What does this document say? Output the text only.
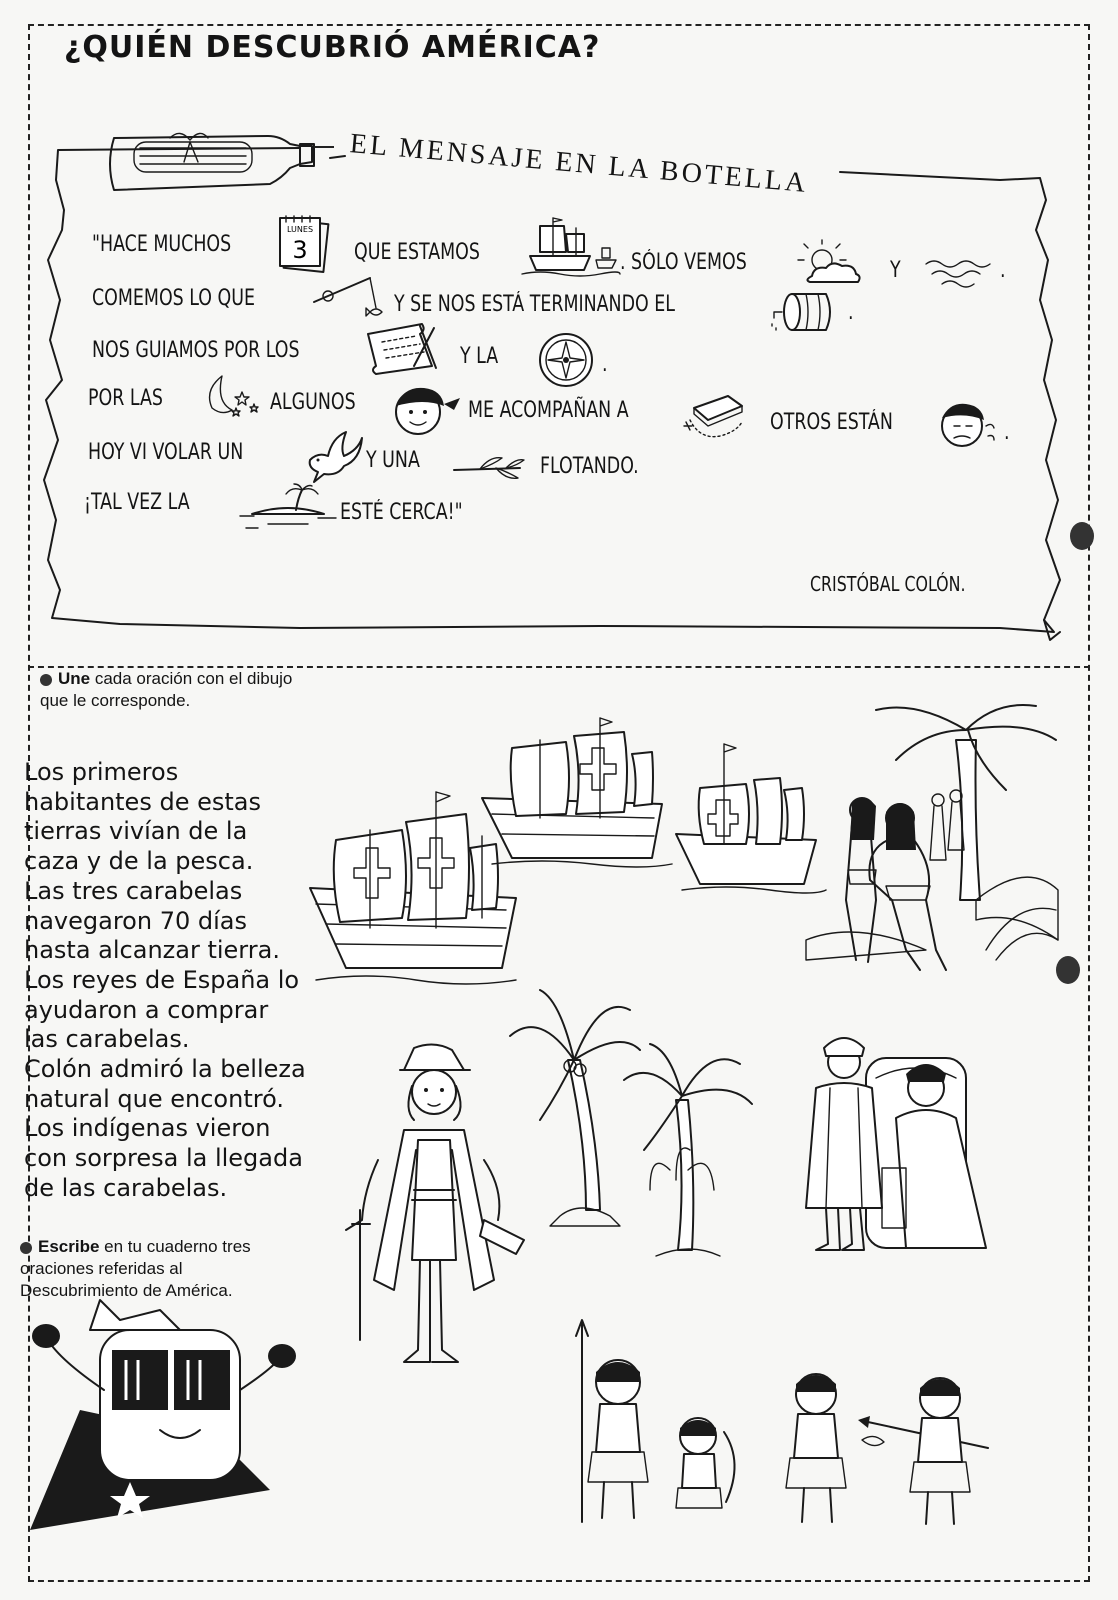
¿QUIÉN DESCUBRIÓ AMÉRICA?
EL MENSAJE EN LA BOTELLA
"HACE MUCHOS
LUNES
3 QUE ESTAMOS	. SÓLO VEMOS	Y	.
COMEMOS LO QUE	Y SE NOS ESTÁ TERMINANDO EL	.
NOS GUIAMOS POR LOS	Y LA	.
POR LAS	ALGUNOS	ME ACOMPAÑAN A	OTROS ESTÁN	.
HOY VI VOLAR UN	Y UNA	FLOTANDO.
¡TAL VEZ LA	ESTÉ CERCA!"
CRISTÓBAL COLÓN.
Une cada oración con el dibujo
que le corresponde.
Los primeros
habitantes de estas
tierras vivían de la
caza y de la pesca.
Las tres carabelas
navegaron 70 días
hasta alcanzar tierra.
Los reyes de España lo
ayudaron a comprar
las carabelas.
Colón admiró la belleza
natural que encontró.
Los indígenas vieron
con sorpresa la llegada
de las carabelas.
Escribe en tu cuaderno tres
oraciones referidas al
Descubrimiento de América.
